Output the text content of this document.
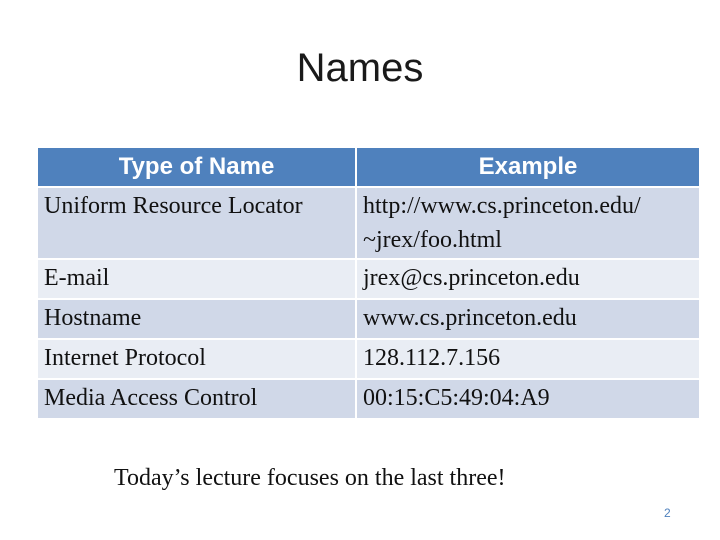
Names
Type of Name	Example
Uniform Resource Locator	http://www.cs.princeton.edu/
~jrex/foo.html

E-mail	jrex@cs.princeton.edu
Hostname	www.cs.princeton.edu
Internet Protocol	128.112.7.156
Media Access Control	00:15:C5:49:04:A9
Today’s lecture focuses on the last three!
2
